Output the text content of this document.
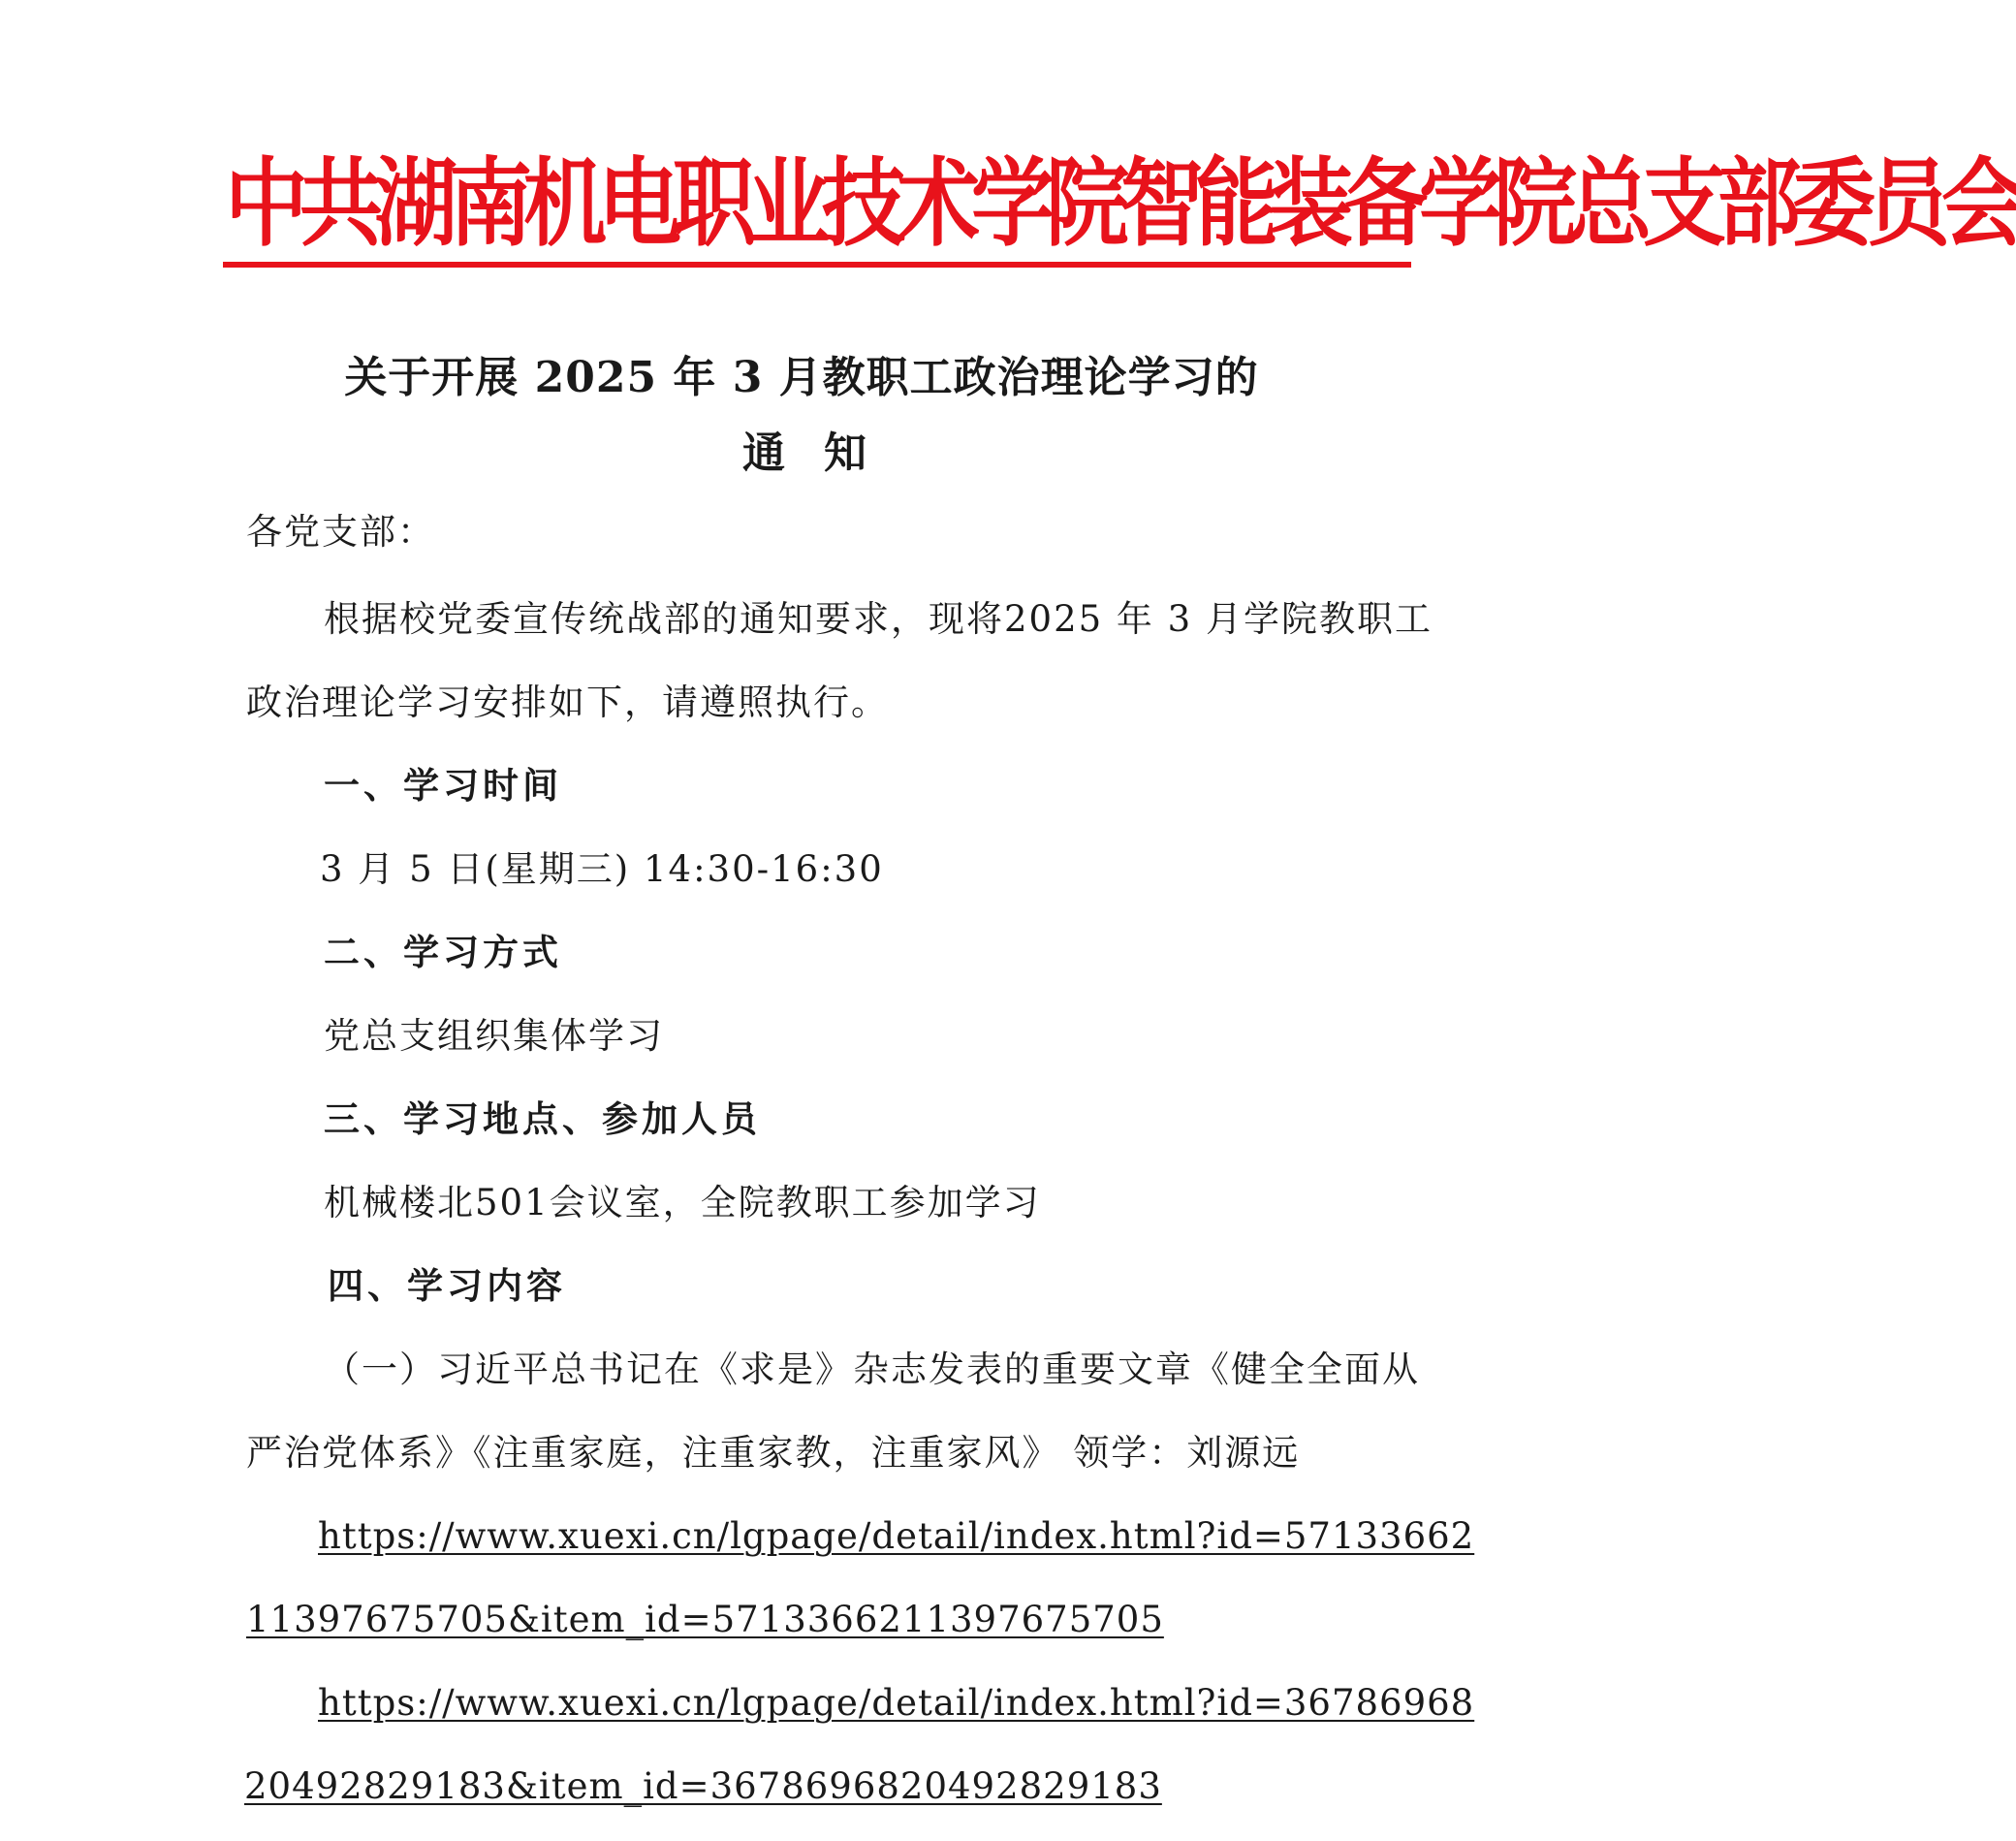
中共湖南机电职业技术学院智能装备学院总支部委员会
关于开展 2025 年 3 月教职工政治理论学习的
通知
各党支部：
根据校党委宣传统战部的通知要求，现将2025 年 3 月学院教职工
政治理论学习安排如下，请遵照执行。
一、学习时间
3 月 5 日(星期三) 14:30-16:30
二、学习方式
党总支组织集体学习
三、学习地点、参加人员
机械楼北501会议室，全院教职工参加学习
四、学习内容
（一）习近平总书记在《求是》杂志发表的重要文章《健全全面从
严治党体系》《注重家庭，注重家教，注重家风》 领学：刘源远
https://www.xuexi.cn/lgpage/detail/index.html?id=57133662
11397675705&item_id=5713366211397675705
https://www.xuexi.cn/lgpage/detail/index.html?id=36786968
20492829183&item_id=3678696820492829183
